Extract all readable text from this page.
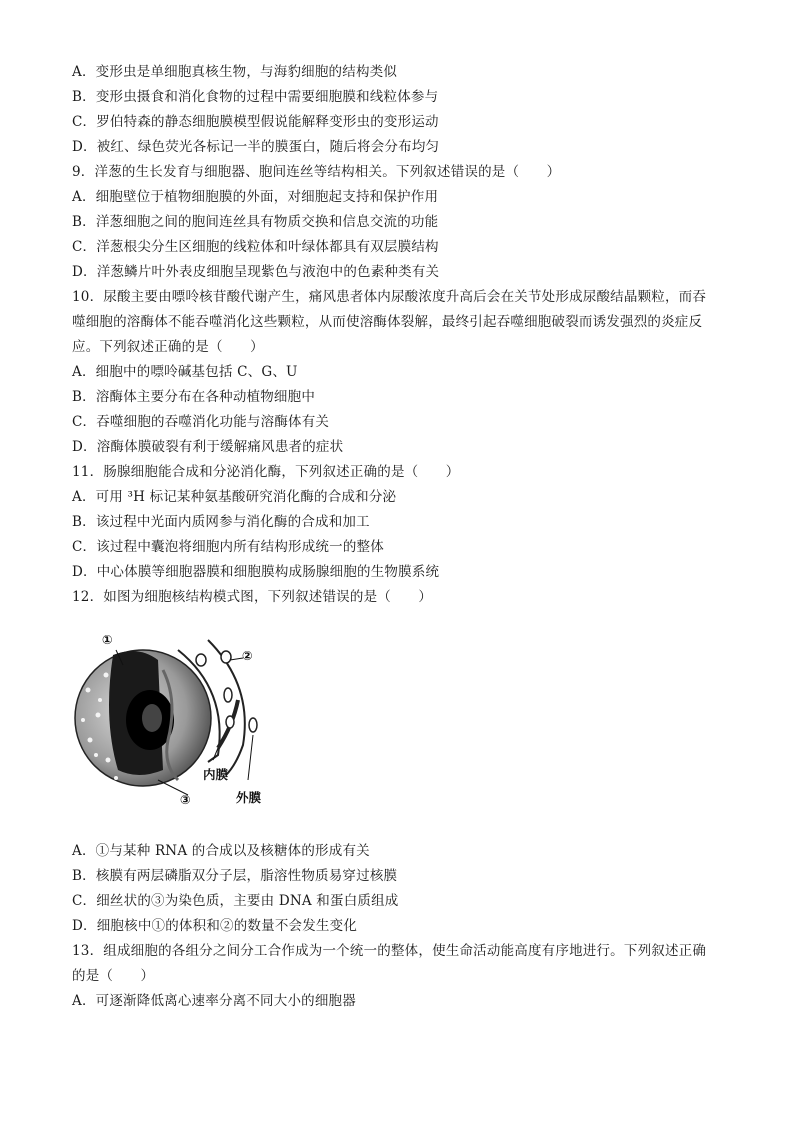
A．变形虫是单细胞真核生物，与海豹细胞的结构类似
B．变形虫摄食和消化食物的过程中需要细胞膜和线粒体参与
C．罗伯特森的静态细胞膜模型假说能解释变形虫的变形运动
D．被红、绿色荧光各标记一半的膜蛋白，随后将会分布均匀
9．洋葱的生长发育与细胞器、胞间连丝等结构相关。下列叙述错误的是（　　）
A．细胞壁位于植物细胞膜的外面，对细胞起支持和保护作用
B．洋葱细胞之间的胞间连丝具有物质交换和信息交流的功能
C．洋葱根尖分生区细胞的线粒体和叶绿体都具有双层膜结构
D．洋葱鳞片叶外表皮细胞呈现紫色与液泡中的色素种类有关
10．尿酸主要由嘌呤核苷酸代谢产生，痛风患者体内尿酸浓度升高后会在关节处形成尿酸结晶颗粒，而吞
噬细胞的溶酶体不能吞噬消化这些颗粒，从而使溶酶体裂解，最终引起吞噬细胞破裂而诱发强烈的炎症反
应。下列叙述正确的是（　　）
A．细胞中的嘌呤碱基包括 C、G、U
B．溶酶体主要分布在各种动植物细胞中
C．吞噬细胞的吞噬消化功能与溶酶体有关
D．溶酶体膜破裂有利于缓解痛风患者的症状
11．肠腺细胞能合成和分泌消化酶，下列叙述正确的是（　　）
A．可用 ³H 标记某种氨基酸研究消化酶的合成和分泌
B．该过程中光面内质网参与消化酶的合成和加工
C．该过程中囊泡将细胞内所有结构形成统一的整体
D．中心体膜等细胞器膜和细胞膜构成肠腺细胞的生物膜系统
12．如图为细胞核结构模式图，下列叙述错误的是（　　）
①
②
③
内膜
外膜
A．①与某种 RNA 的合成以及核糖体的形成有关
B．核膜有两层磷脂双分子层，脂溶性物质易穿过核膜
C．细丝状的③为染色质，主要由 DNA 和蛋白质组成
D．细胞核中①的体积和②的数量不会发生变化
13．组成细胞的各组分之间分工合作成为一个统一的整体，使生命活动能高度有序地进行。下列叙述正确
的是（　　）
A．可逐渐降低离心速率分离不同大小的细胞器
